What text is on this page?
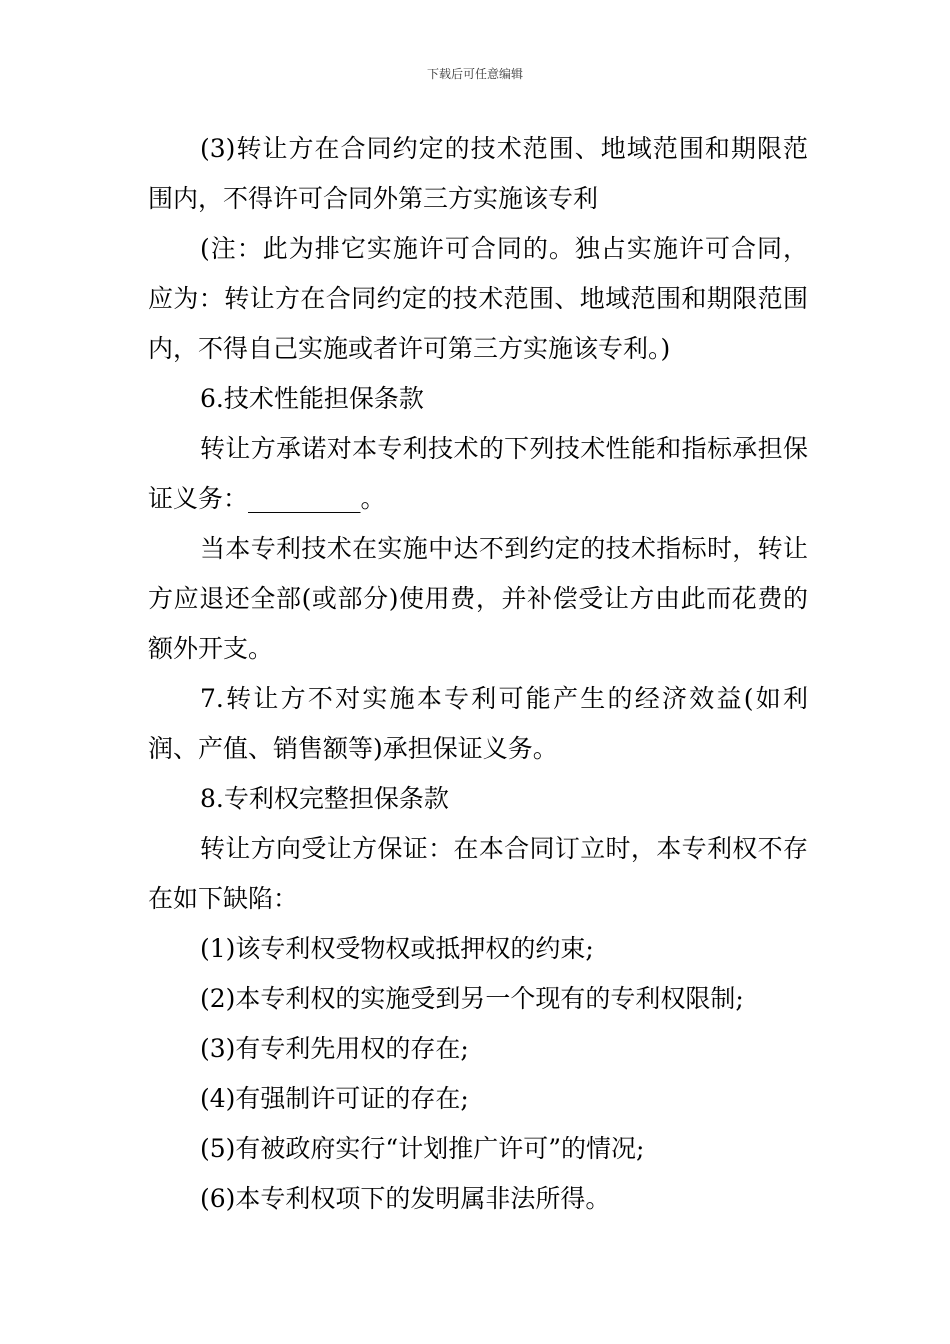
下载后可任意编辑

(3)转让方在合同约定的技术范围、地域范围和期限范围内，不得许可合同外第三方实施该专利

(注：此为排它实施许可合同的。独占实施许可合同，应为：转让方在合同约定的技术范围、地域范围和期限范围内，不得自己实施或者许可第三方实施该专利。)

6.技术性能担保条款

转让方承诺对本专利技术的下列技术性能和指标承担保证义务：_________。

当本专利技术在实施中达不到约定的技术指标时，转让方应退还全部(或部分)使用费，并补偿受让方由此而花费的额外开支。

7.转让方不对实施本专利可能产生的经济效益(如利润、产值、销售额等)承担保证义务。

8.专利权完整担保条款

转让方向受让方保证：在本合同订立时，本专利权不存在如下缺陷：

(1)该专利权受物权或抵押权的约束;

(2)本专利权的实施受到另一个现有的专利权限制;

(3)有专利先用权的存在;

(4)有强制许可证的存在;

(5)有被政府实行“计划推广许可”的情况;

(6)本专利权项下的发明属非法所得。
